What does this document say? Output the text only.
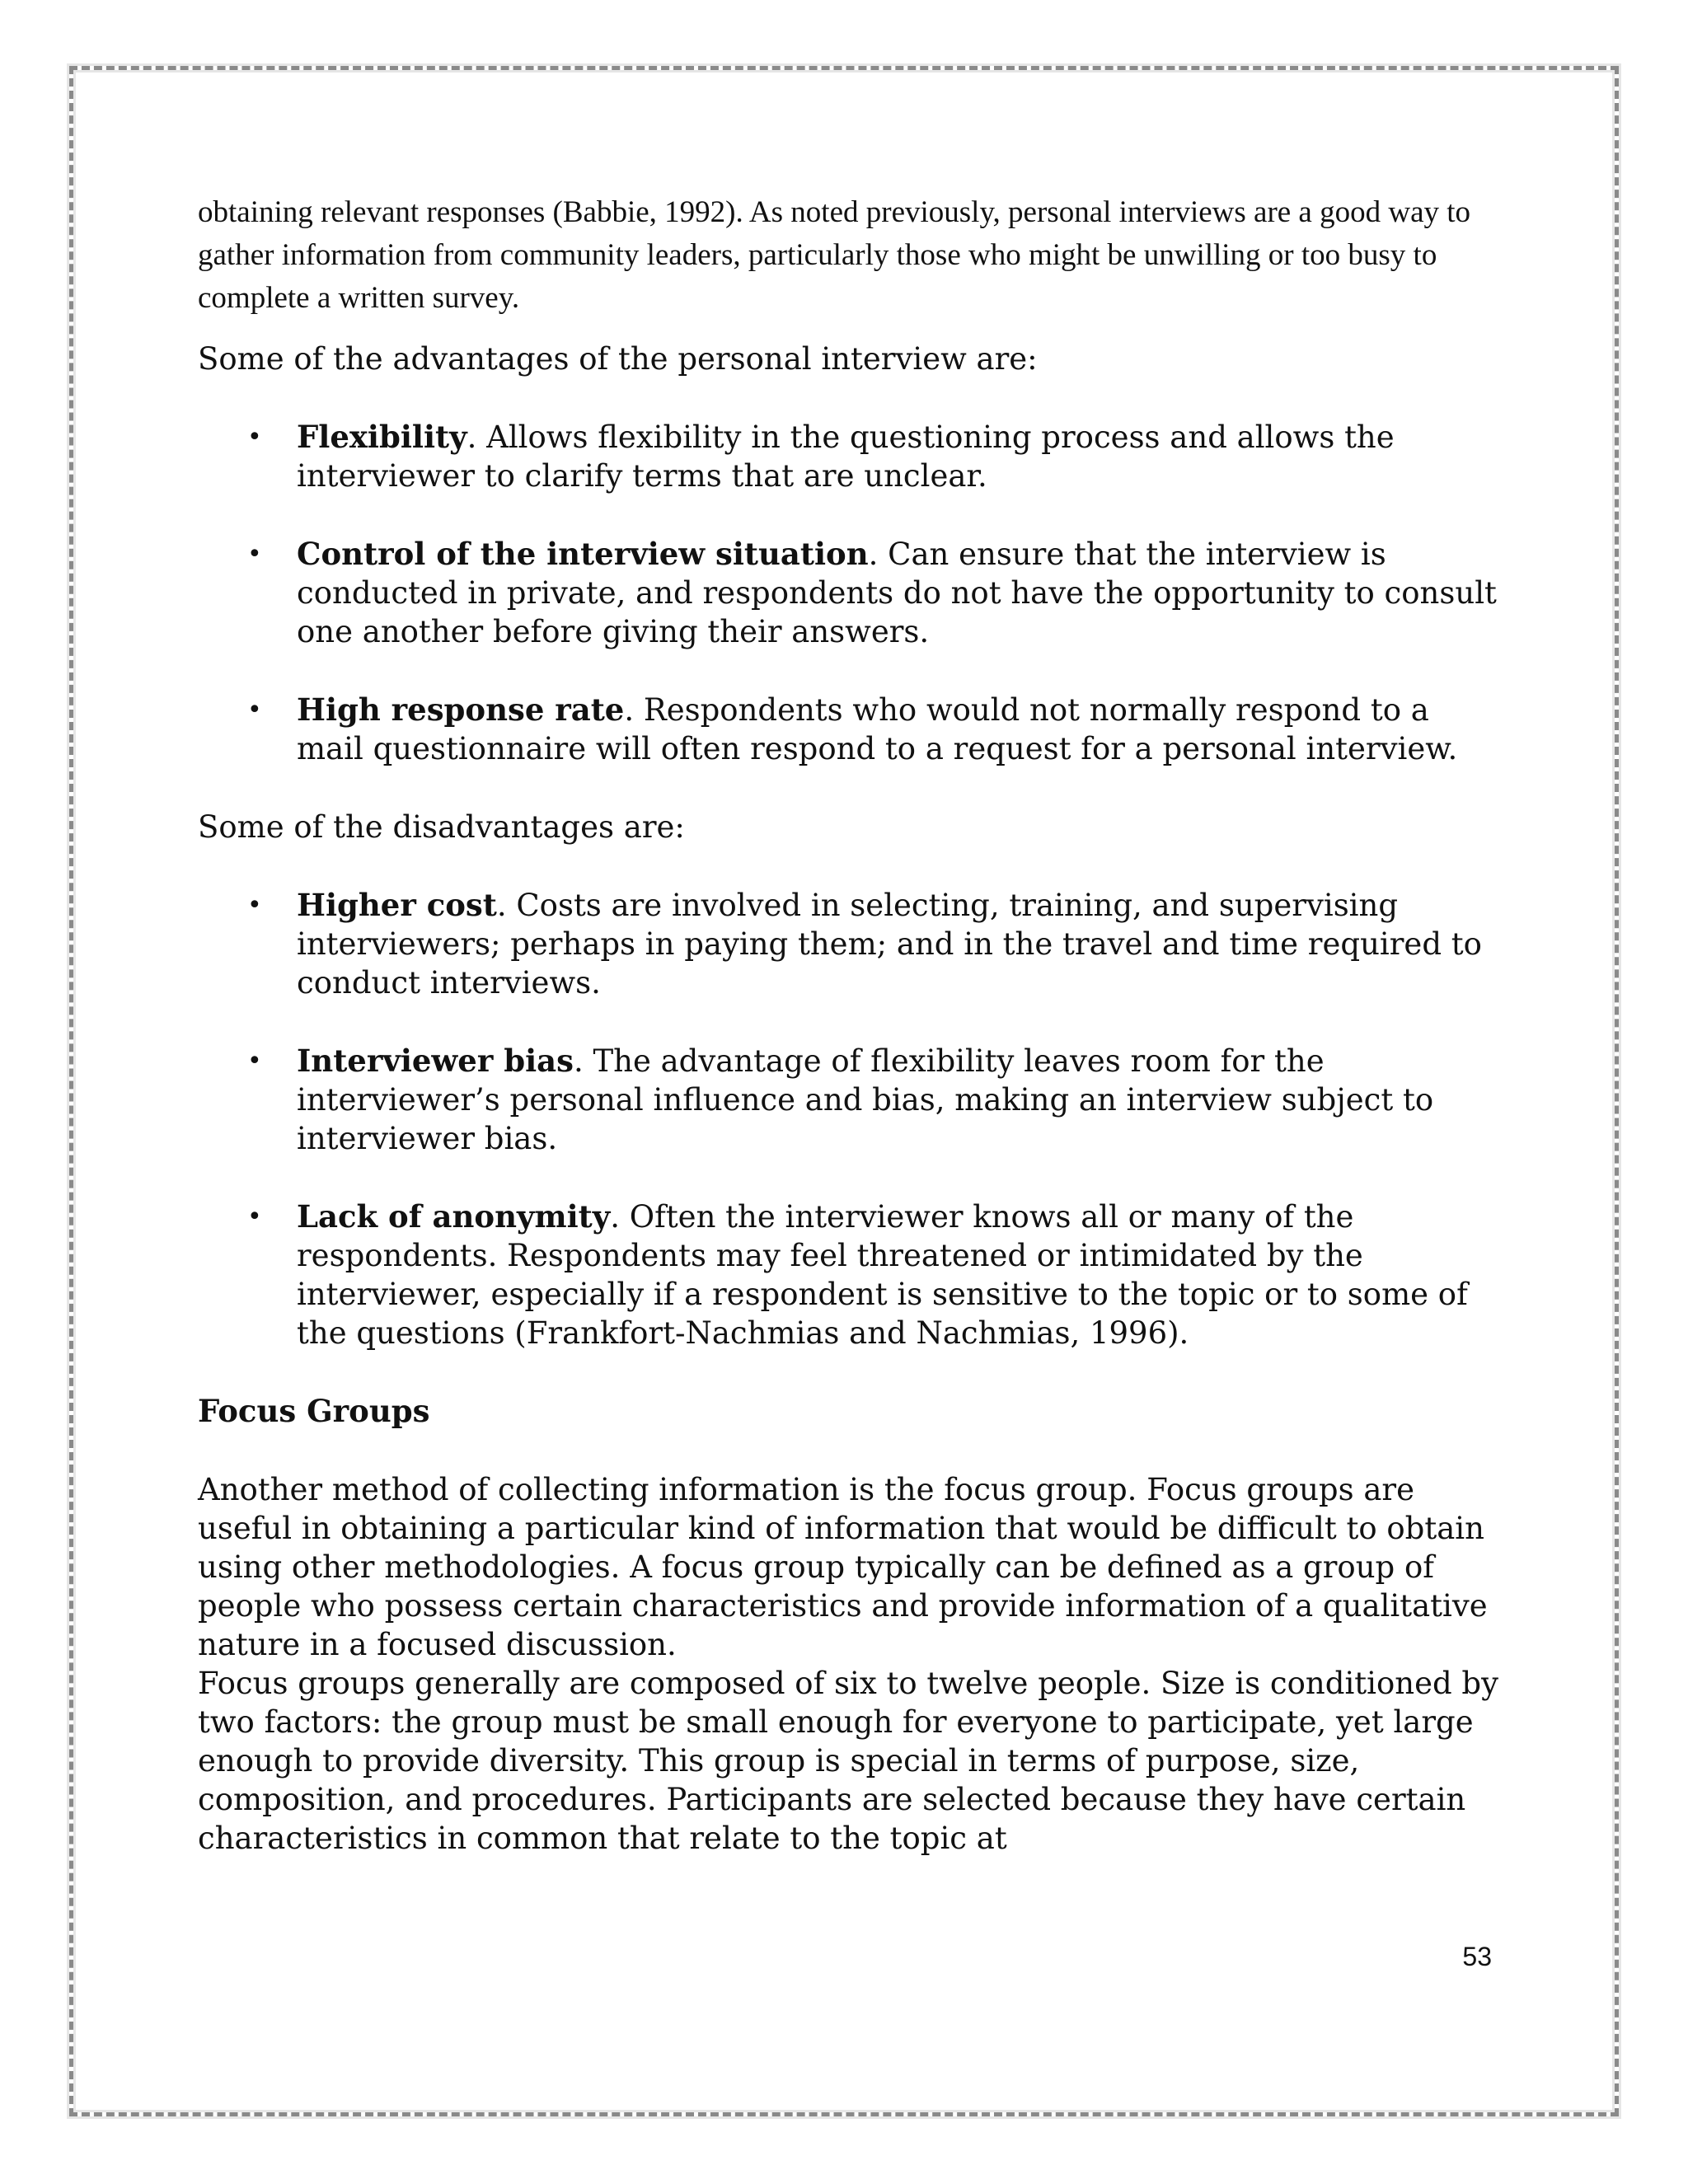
obtaining relevant responses (Babbie, 1992). As noted previously, personal interviews are a good way to gather information from community leaders, particularly those who might be unwilling or too busy to complete a written survey.

Some of the advantages of the personal interview are:

• Flexibility. Allows flexibility in the questioning process and allows the interviewer to clarify terms that are unclear.
• Control of the interview situation. Can ensure that the interview is conducted in private, and respondents do not have the opportunity to consult one another before giving their answers.
• High response rate. Respondents who would not normally respond to a mail questionnaire will often respond to a request for a personal interview.

Some of the disadvantages are:

• Higher cost. Costs are involved in selecting, training, and supervising interviewers; perhaps in paying them; and in the travel and time required to conduct interviews.
• Interviewer bias. The advantage of flexibility leaves room for the interviewer’s personal influence and bias, making an interview subject to interviewer bias.
• Lack of anonymity. Often the interviewer knows all or many of the respondents. Respondents may feel threatened or intimidated by the interviewer, especially if a respondent is sensitive to the topic or to some of the questions (Frankfort-Nachmias and Nachmias, 1996).
Focus Groups

Another method of collecting information is the focus group. Focus groups are useful in obtaining a particular kind of information that would be difficult to obtain using other methodologies. A focus group typically can be defined as a group of people who possess certain characteristics and provide information of a qualitative nature in a focused discussion.

Focus groups generally are composed of six to twelve people. Size is conditioned by two factors: the group must be small enough for everyone to participate, yet large enough to provide diversity. This group is special in terms of purpose, size, composition, and procedures. Participants are selected because they have certain characteristics in common that relate to the topic at

53
